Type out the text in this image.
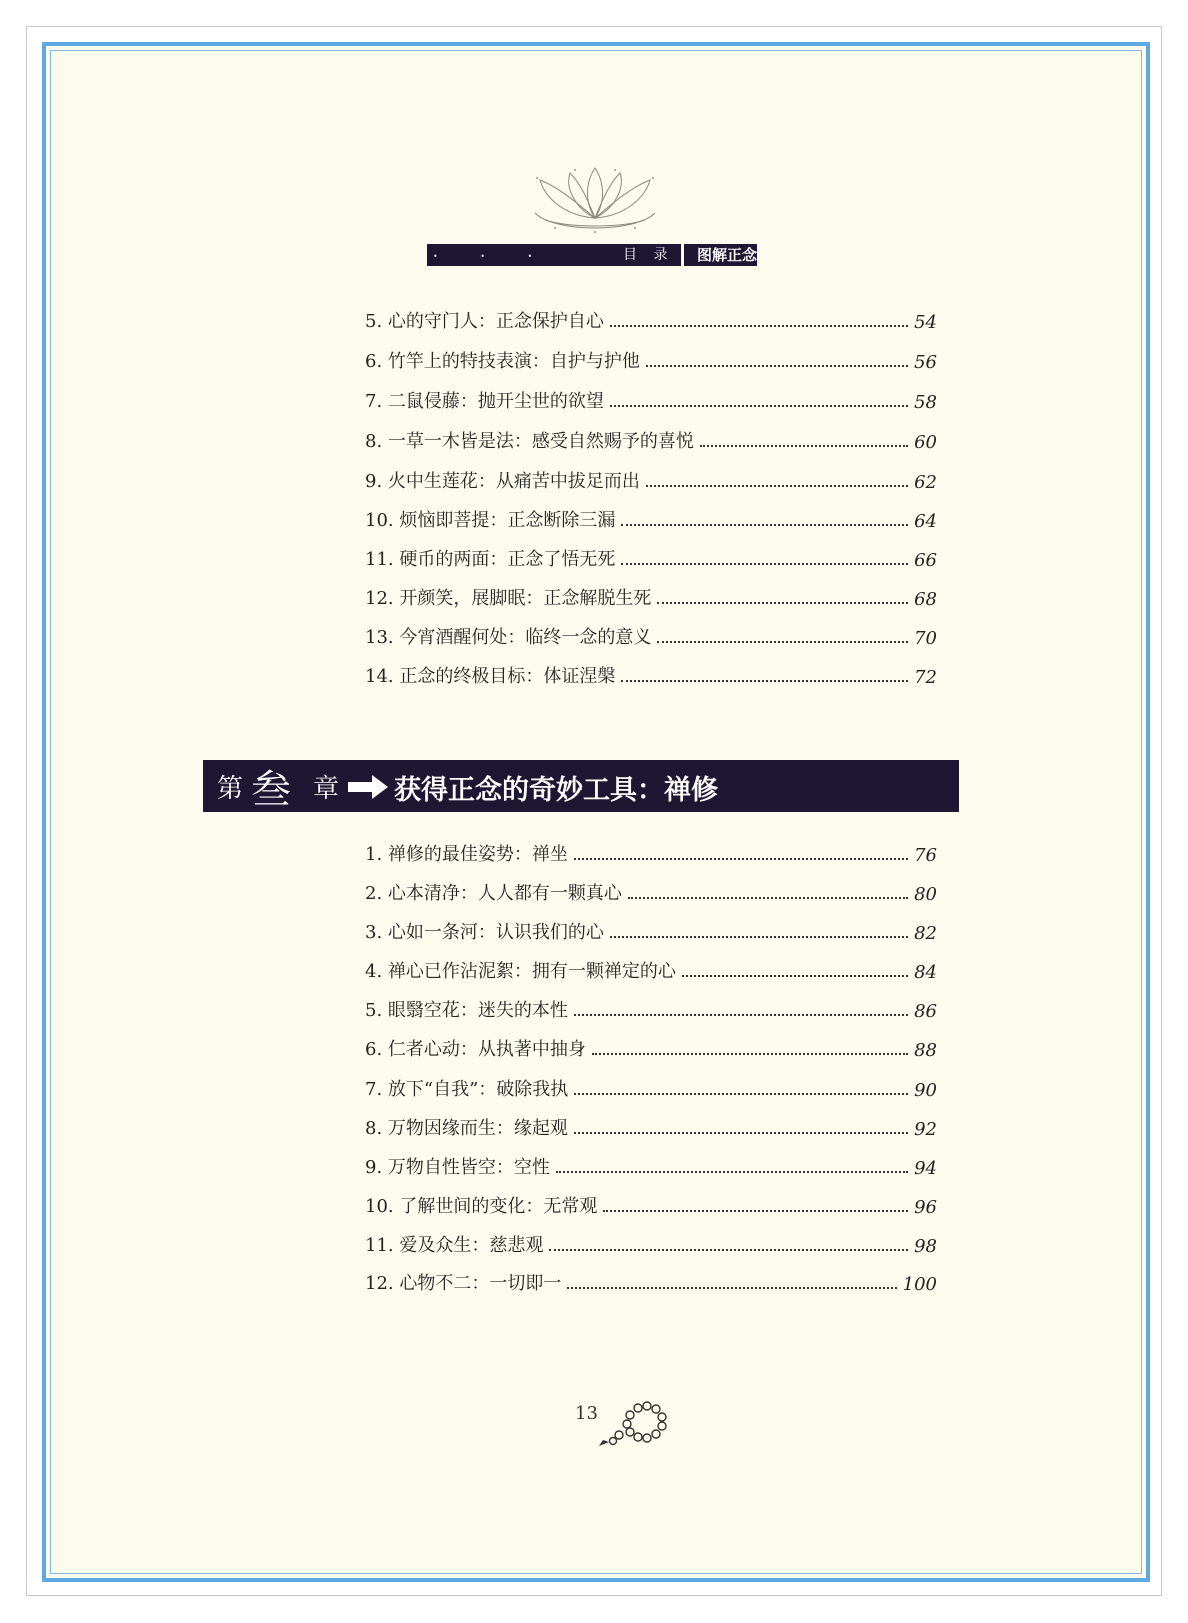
• • •	目 录 图解正念
5. 心的守门人：正念保护自心	54
6. 竹竿上的特技表演：自护与护他	56
7. 二鼠侵藤：抛开尘世的欲望	58
8. 一草一木皆是法：感受自然赐予的喜悦	60
9. 火中生莲花：从痛苦中拔足而出	62
10. 烦恼即菩提：正念断除三漏	64
11. 硬币的两面：正念了悟无死	66
12. 开颜笑，展脚眠：正念解脱生死	68
13. 今宵酒醒何处：临终一念的意义	70
14. 正念的终极目标：体证涅槃	72
第 叁 章 获得正念的奇妙工具：禅修
1. 禅修的最佳姿势：禅坐	76
2. 心本清净：人人都有一颗真心	80
3. 心如一条河：认识我们的心	82
4. 禅心已作沾泥絮：拥有一颗禅定的心	84
5. 眼翳空花：迷失的本性	86
6. 仁者心动：从执著中抽身	88
7. 放下“自我”：破除我执	90
8. 万物因缘而生：缘起观	92
9. 万物自性皆空：空性	94
10. 了解世间的变化：无常观	96
11. 爱及众生：慈悲观	98
12. 心物不二：一切即一	100
13
